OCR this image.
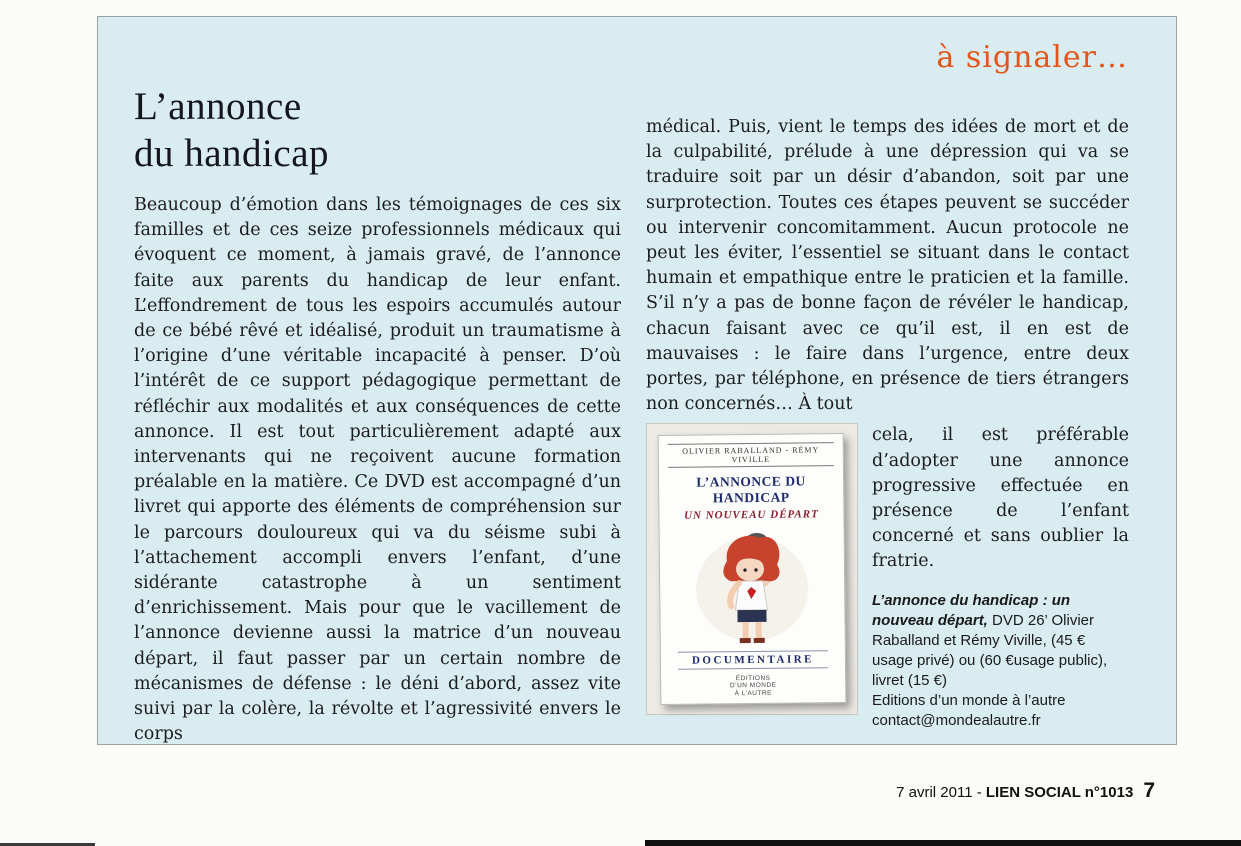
à signaler…
L’annonce
du handicap

Beaucoup d’émotion dans les témoignages de ces six familles et de ces seize professionnels médicaux qui évoquent ce moment, à jamais gravé, de l’annonce faite aux parents du handicap de leur enfant. L’effondrement de tous les espoirs accumulés autour de ce bébé rêvé et idéalisé, produit un traumatisme à l’origine d’une véritable incapacité à penser. D’où l’intérêt de ce support pédagogique permettant de réfléchir aux modalités et aux conséquences de cette annonce. Il est tout particulièrement adapté aux intervenants qui ne reçoivent aucune formation préalable en la matière. Ce DVD est accompagné d’un livret qui apporte des éléments de compréhension sur le parcours douloureux qui va du séisme subi à l’attachement accompli envers l’enfant, d’une sidérante catastrophe à un sentiment d’enrichissement. Mais pour que le vacillement de l’annonce devienne aussi la matrice d’un nouveau départ, il faut passer par un certain nombre de mécanismes de défense : le déni d’abord, assez vite suivi par la colère, la révolte et l’agressivité envers le corps

médical. Puis, vient le temps des idées de mort et de la culpabilité, prélude à une dépression qui va se traduire soit par un désir d’abandon, soit par une surprotection. Toutes ces étapes peuvent se succéder ou intervenir concomitamment. Aucun protocole ne peut les éviter, l’essentiel se situant dans le contact humain et empathique entre le praticien et la famille. S’il n’y a pas de bonne façon de révéler le handicap, chacun faisant avec ce qu’il est, il en est de mauvaises : le faire dans l’urgence, entre deux portes, par téléphone, en présence de tiers étrangers non concernés… À tout

OLIVIER RABALLAND - RÉMY VIVILLE
L’ANNONCE DU HANDICAP
UN NOUVEAU DÉPART
DOCUMENTAIRE
ÉDITIONS
D’UN MONDE
À L’AUTRE

cela, il est préférable d’adopter une annonce progressive effectuée en présence de l’enfant concerné et sans oublier la fratrie.

L’annonce du handicap : un nouveau départ, DVD 26’ Olivier Raballand et Rémy Viville, (45 € usage privé) ou (60 €usage public), livret (15 €)

Editions d’un monde à l’autre

contact@mondealautre.fr

7 avril 2011 - LIEN SOCIAL n°1013 7
